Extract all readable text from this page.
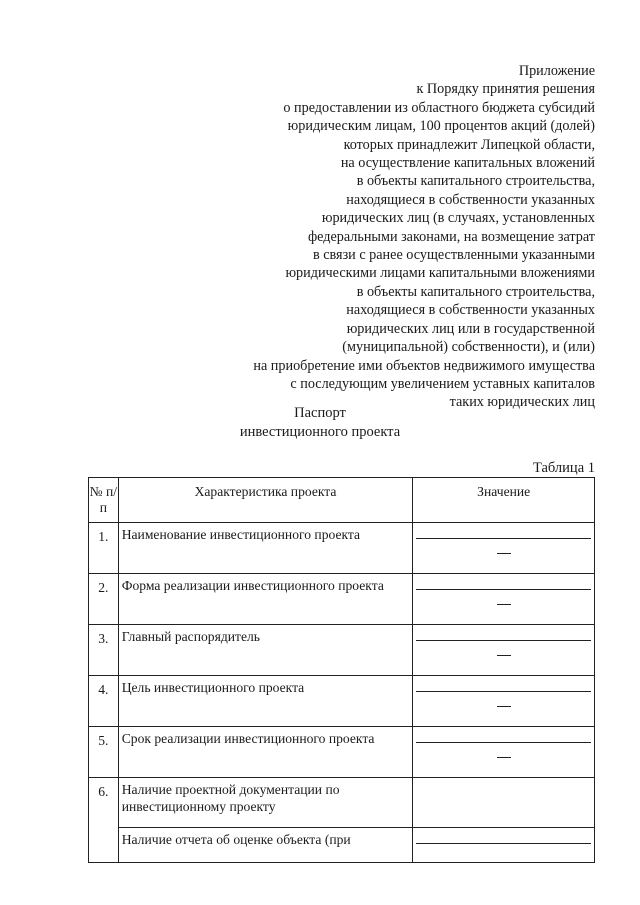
Приложение
к Порядку принятия решения
о предоставлении из областного бюджета субсидий
юридическим лицам, 100 процентов акций (долей)
которых принадлежит Липецкой области,
на осуществление капитальных вложений
в объекты капитального строительства,
находящиеся в собственности указанных
юридических лиц (в случаях, установленных
федеральными законами, на возмещение затрат
в связи с ранее осуществленными указанными
юридическими лицами капитальными вложениями
в объекты капитального строительства,
находящиеся в собственности указанных
юридических лиц или в государственной
(муниципальной) собственности), и (или)
на приобретение ими объектов недвижимого имущества
с последующим увеличением уставных капиталов
таких юридических лиц
Паспорт
инвестиционного проекта
Таблица 1
№ п/п	Характеристика проекта	Значение

1.	Наименование инвестиционного проекта	

2.	Форма реализации инвестиционного проекта	

3.	Главный распорядитель	

4.	Цель инвестиционного проекта	

5.	Срок реализации инвестиционного проекта	

6.	Наличие проектной документации по инвестиционному проекту	

	Наличие отчета об оценке объекта (при	
